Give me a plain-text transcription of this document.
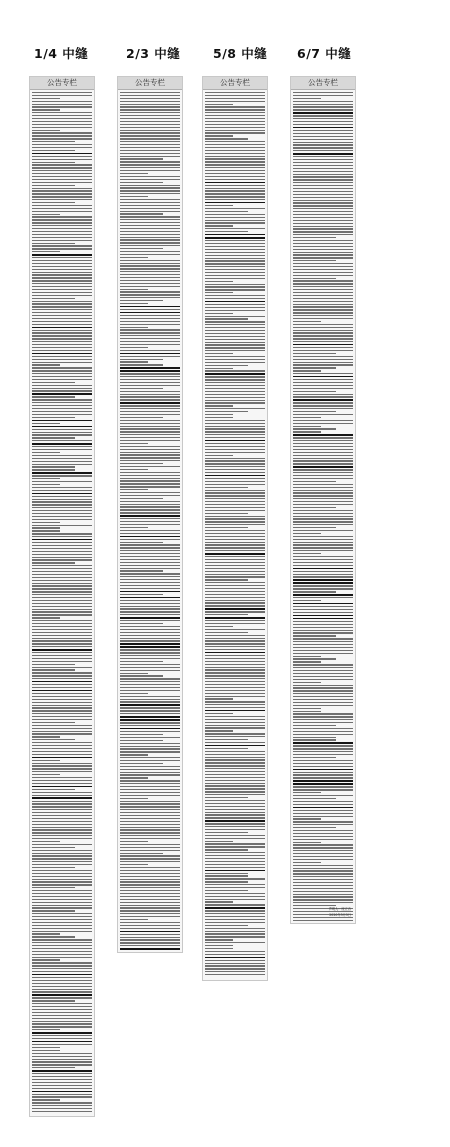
1/4 中缝	2/3 中缝	5/8 中缝 6/7 中缝
公告专栏	公告专栏	公告专栏	公告专栏
声明人：庞立吉
2020年3月3日
